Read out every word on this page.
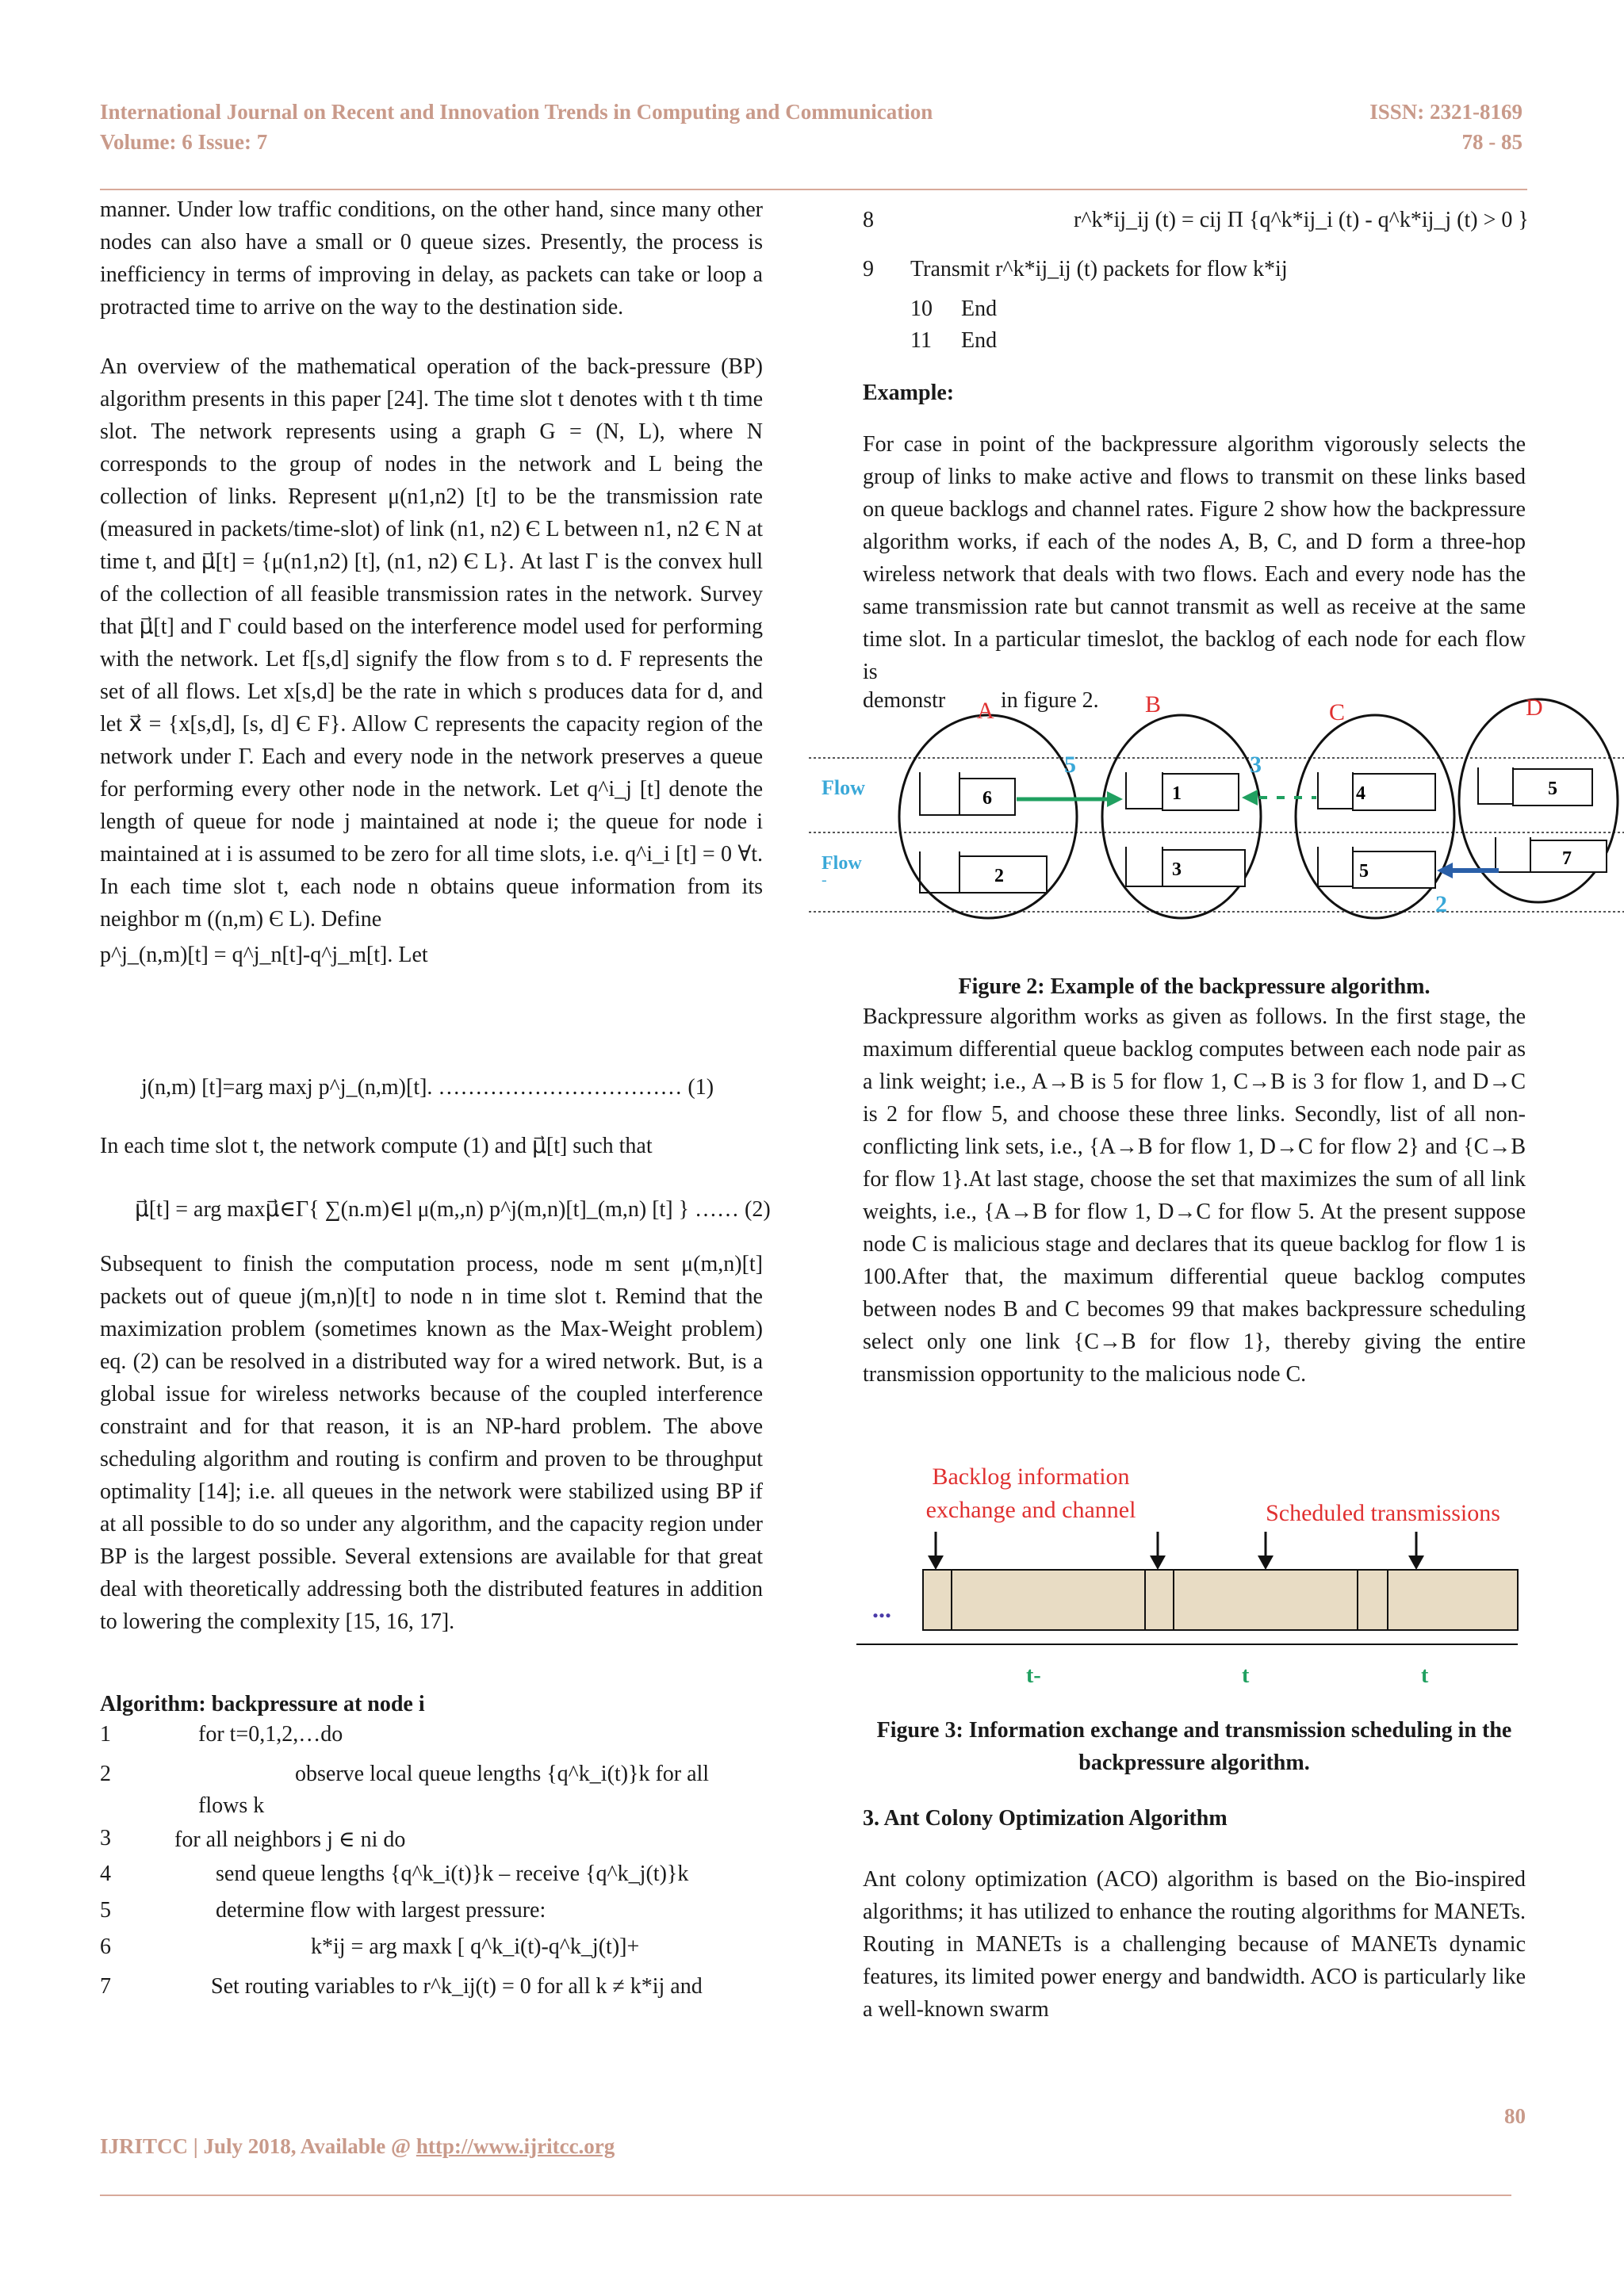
International Journal on Recent and Innovation Trends in Computing and Communication	ISSN: 2321-8169
Volume: 6 Issue: 7	78 - 85

manner. Under low traffic conditions, on the other hand, since many other nodes can also have a small or 0 queue sizes. Presently, the process is inefficiency in terms of improving in delay, as packets can take or loop a protracted time to arrive on the way to the destination side.

An overview of the mathematical operation of the back-pressure (BP) algorithm presents in this paper [24]. The time slot t denotes with t th time slot. The network represents using a graph G = (N, L), where N corresponds to the group of nodes in the network and L being the collection of links. Represent μ(n1,n2) [t] to be the transmission rate (measured in packets/time-slot) of link (n1, n2) Є L between n1, n2 Є N at time t, and μ⃗[t] = {μ(n1,n2) [t], (n1, n2) Є L}. At last Γ is the convex hull of the collection of all feasible transmission rates in the network. Survey that μ⃗[t] and Γ could based on the interference model used for performing with the network. Let f[s,d] signify the flow from s to d. F represents the set of all flows. Let x[s,d] be the rate in which s produces data for d, and let x⃗ = {x[s,d], [s, d] Є F}. Allow C represents the capacity region of the network under Γ. Each and every node in the network preserves a queue for performing every other node in the network. Let q^i_j [t] denote the length of queue for node j maintained at node i; the queue for node i maintained at i is assumed to be zero for all time slots, i.e. q^i_i [t] = 0 ∀t. In each time slot t, each node n obtains queue information from its neighbor m ((n,m) Є L). Define

p^j_(n,m)[t] = q^j_n[t]-q^j_m[t]. Let
j(n,m) [t]=arg maxj p^j_(n,m)[t]. …………………………… (1)
In each time slot t, the network compute (1) and μ⃗[t] such that
μ⃗[t] = arg maxμ⃗∈Γ{ ∑(n.m)∈l μ(m,,n) p^j(m,n)[t]_(m,n) [t] } …… (2)
Subsequent to finish the computation process, node m sent μ(m,n)[t] packets out of queue j(m,n)[t] to node n in time slot t. Remind that the maximization problem (sometimes known as the Max-Weight problem) eq. (2) can be resolved in a distributed way for a wired network. But, is a global issue for wireless networks because of the coupled interference constraint and for that reason, it is an NP-hard problem. The above scheduling algorithm and routing is confirm and proven to be throughput optimality [14]; i.e. all queues in the network were stabilized using BP if at all possible to do so under any algorithm, and the capacity region under BP is the largest possible. Several extensions are available for that great deal with theoretically addressing both the distributed features in addition to lowering the complexity [15, 16, 17].
Algorithm: backpressure at node i
1	for t=0,1,2,…do
2	observe local queue lengths {q^k_i(t)}k for all
flows k
3	for all neighbors j ∈ ni do
4	send queue lengths {q^k_i(t)}k – receive {q^k_j(t)}k
5	determine flow with largest pressure:
6	k*ij = arg maxk [ q^k_i(t)-q^k_j(t)]+
7	Set routing variables to r^k_ij(t) = 0 for all k ≠ k*ij and
8	r^k*ij_ij (t) = cij Π {q^k*ij_i (t) - q^k*ij_j (t) > 0 }
9 Transmit r^k*ij_ij (t) packets for flow k*ij
10 End
11 End
Example:
For case in point of the backpressure algorithm vigorously selects the group of links to make active and flows to transmit on these links based on queue backlogs and channel rates. Figure 2 show how the backpressure algorithm works, if each of the nodes A, B, C, and D form a three-hop wireless network that deals with two flows. Each and every node has the same transmission rate but cannot transmit as well as receive at the same time slot. In a particular timeslot, the backlog of each node for each flow is
demonstr in figure 2.
Flow
Flow
-
A	B	C	D
6
2
1
3
4
5
5
7
5	3
2
Figure 2: Example of the backpressure algorithm.
Backpressure algorithm works as given as follows. In the first stage, the maximum differential queue backlog computes between each node pair as a link weight; i.e., A→B is 5 for flow 1, C→B is 3 for flow 1, and D→C is 2 for flow 5, and choose these three links. Secondly, list of all non-conflicting link sets, i.e., {A→B for flow 1, D→C for flow 2} and {C→B for flow 1}.At last stage, choose the set that maximizes the sum of all link weights, i.e., {A→B for flow 1, D→C for flow 5. At the present suppose node C is malicious stage and declares that its queue backlog for flow 1 is 100.After that, the maximum differential queue backlog computes between nodes B and C becomes 99 that makes backpressure scheduling select only one link {C→B for flow 1}, thereby giving the entire transmission opportunity to the malicious node C.
Backlog information
exchange and channel	Scheduled transmissions
...
t-	t	t
Figure 3: Information exchange and transmission scheduling in the backpressure algorithm.
3. Ant Colony Optimization Algorithm
Ant colony optimization (ACO) algorithm is based on the Bio-inspired algorithms; it has utilized to enhance the routing algorithms for MANETs. Routing in MANETs is a challenging because of MANETs dynamic features, its limited power energy and bandwidth. ACO is particularly like a well-known swarm
80
IJRITCC | July 2018, Available @ http://www.ijritcc.org
